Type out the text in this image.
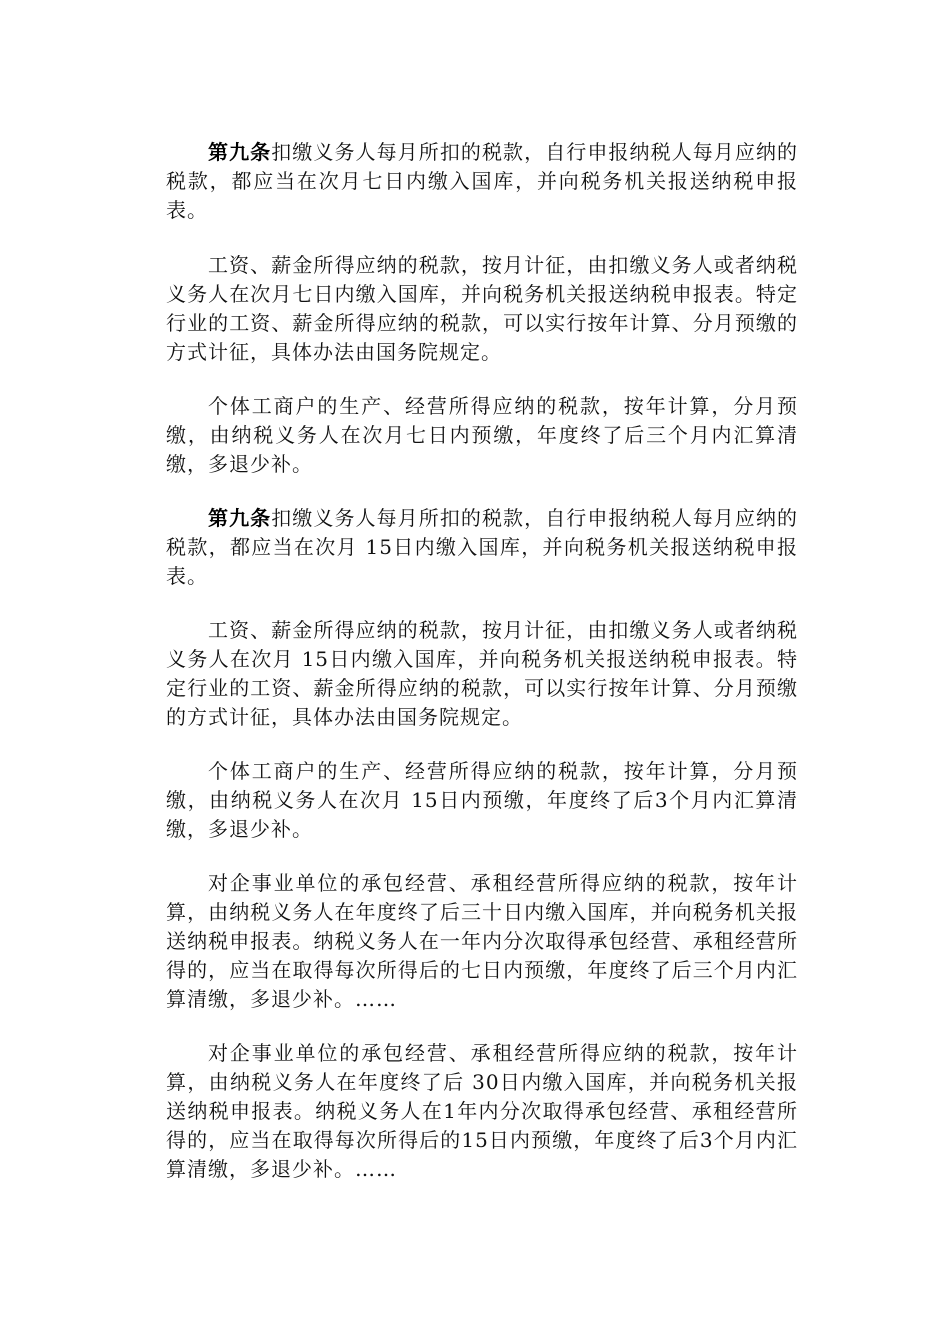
第九条扣缴义务人每月所扣的税款，自行申报纳税人每月应纳的税款，都应当在次月七日内缴入国库，并向税务机关报送纳税申报表。

工资、薪金所得应纳的税款，按月计征，由扣缴义务人或者纳税义务人在次月七日内缴入国库，并向税务机关报送纳税申报表。特定行业的工资、薪金所得应纳的税款，可以实行按年计算、分月预缴的方式计征，具体办法由国务院规定。

个体工商户的生产、经营所得应纳的税款，按年计算，分月预缴，由纳税义务人在次月七日内预缴，年度终了后三个月内汇算清缴，多退少补。

第九条扣缴义务人每月所扣的税款，自行申报纳税人每月应纳的税款，都应当在次月 15日内缴入国库，并向税务机关报送纳税申报表。

工资、薪金所得应纳的税款，按月计征，由扣缴义务人或者纳税义务人在次月 15日内缴入国库，并向税务机关报送纳税申报表。特定行业的工资、薪金所得应纳的税款，可以实行按年计算、分月预缴的方式计征，具体办法由国务院规定。

个体工商户的生产、经营所得应纳的税款，按年计算，分月预缴，由纳税义务人在次月 15日内预缴，年度终了后3个月内汇算清缴，多退少补。

对企事业单位的承包经营、承租经营所得应纳的税款，按年计算，由纳税义务人在年度终了后三十日内缴入国库，并向税务机关报送纳税申报表。纳税义务人在一年内分次取得承包经营、承租经营所得的，应当在取得每次所得后的七日内预缴，年度终了后三个月内汇算清缴，多退少补。……

对企事业单位的承包经营、承租经营所得应纳的税款，按年计算，由纳税义务人在年度终了后 30日内缴入国库，并向税务机关报送纳税申报表。纳税义务人在1年内分次取得承包经营、承租经营所得的，应当在取得每次所得后的15日内预缴，年度终了后3个月内汇算清缴，多退少补。……
